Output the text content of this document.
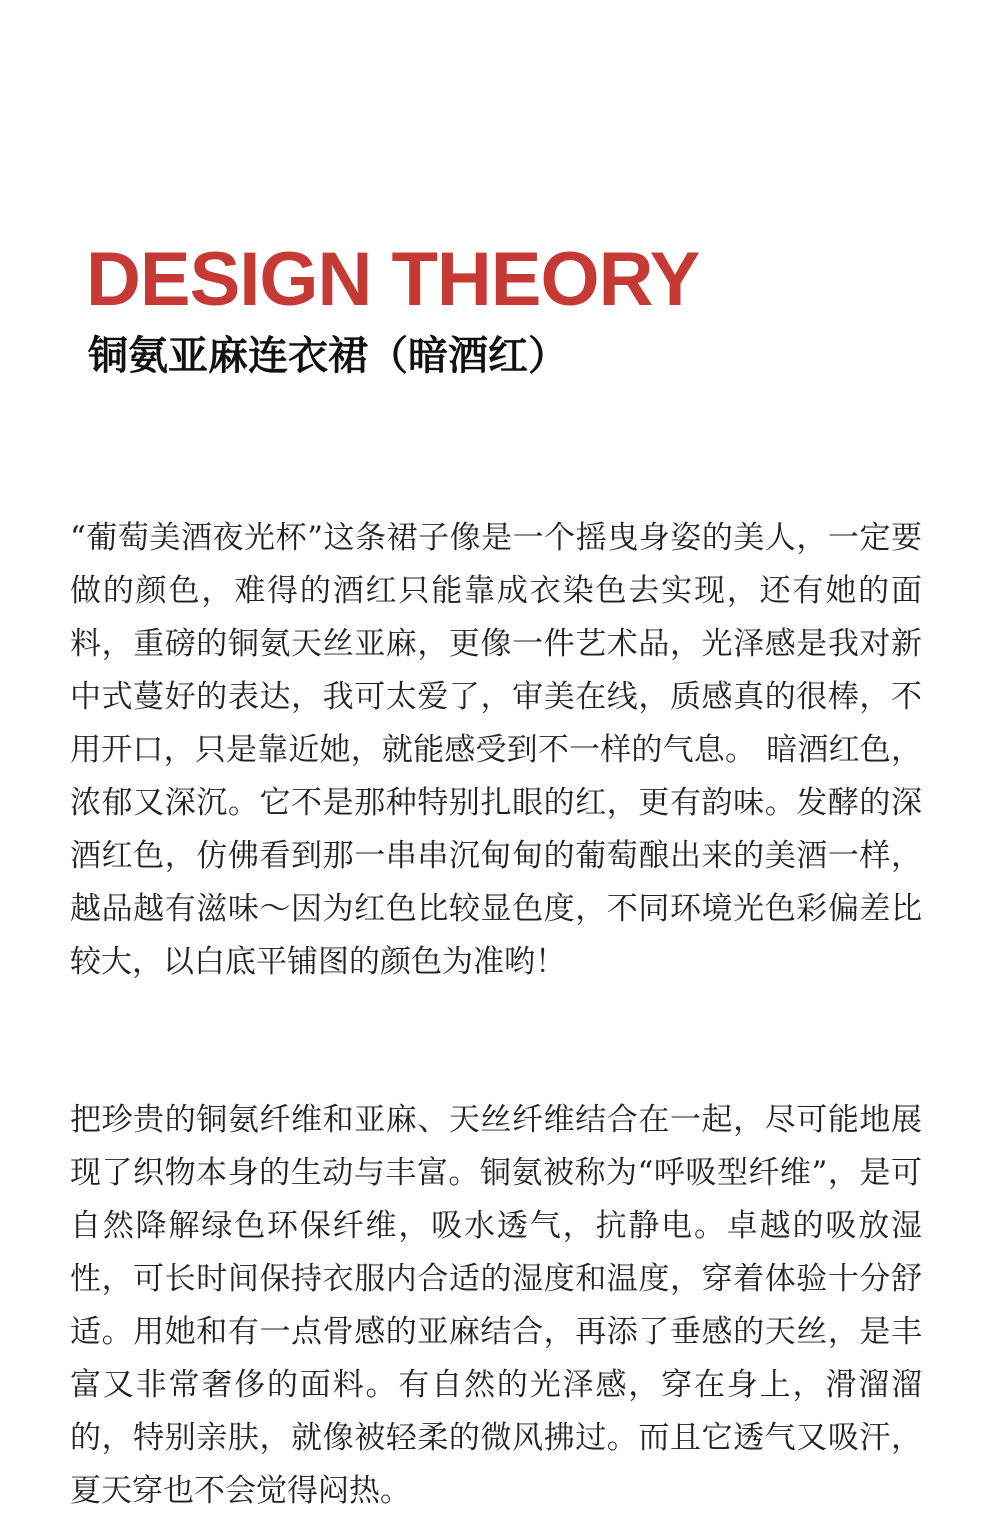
DESIGN THEORY
铜氨亚麻连衣裙（暗酒红）

“葡萄美酒夜光杯”这条裙子像是一个摇曳身姿的美人，一定要做的颜色，难得的酒红只能靠成衣染色去实现，还有她的面料，重磅的铜氨天丝亚麻，更像一件艺术品，光泽感是我对新中式蔓好的表达，我可太爱了，审美在线，质感真的很棒，不用开口，只是靠近她，就能感受到不一样的气息。 暗酒红色，浓郁又深沉。它不是那种特别扎眼的红，更有韵味。发酵的深酒红色，仿佛看到那一串串沉甸甸的葡萄酿出来的美酒一样，越品越有滋味～因为红色比较显色度，不同环境光色彩偏差比较大，以白底平铺图的颜色为准哟！

把珍贵的铜氨纤维和亚麻、天丝纤维结合在一起，尽可能地展现了织物本身的生动与丰富。铜氨被称为“呼吸型纤维”，是可自然降解绿色环保纤维，吸水透气，抗静电。卓越的吸放湿性，可长时间保持衣服内合适的湿度和温度，穿着体验十分舒适。用她和有一点骨感的亚麻结合，再添了垂感的天丝，是丰富又非常奢侈的面料。有自然的光泽感，穿在身上，滑溜溜的，特别亲肤，就像被轻柔的微风拂过。而且它透气又吸汗，夏天穿也不会觉得闷热。
